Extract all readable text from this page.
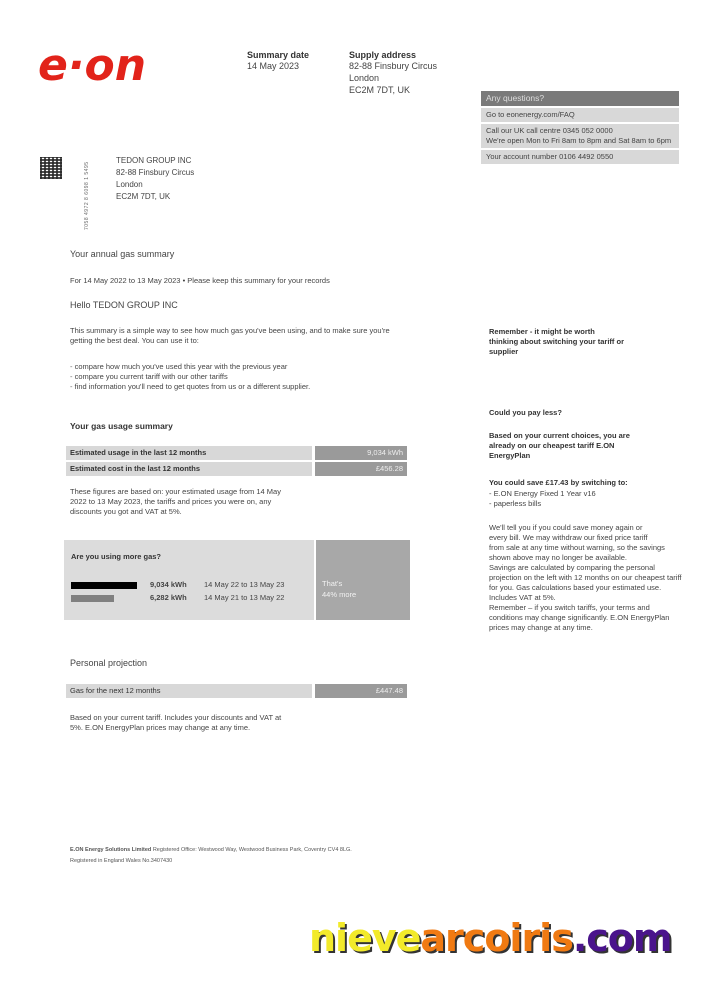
e·on	Summary date
14 May 2023
Supply address
82-88 Finsbury Circus
London
EC2M 7DT, UK
Any questions?
Go to eonenergy.com/FAQ
Call our UK call centre 0345 052 0000
We're open Mon to Fri 8am to 8pm and Sat 8am to 6pm
Your account number 0106 4492 0550
7058 4972 8 6098 1 5495
TEDON GROUP INC
82-88 Finsbury Circus
London
EC2M 7DT, UK
Your annual gas summary
For 14 May 2022 to 13 May 2023 • Please keep this summary for your records
Hello TEDON GROUP INC
This summary is a simple way to see how much gas you've been using, and to make sure you're getting the best deal. You can use it to:
- compare how much you've used this year with the previous year
- compare you current tariff with our other tariffs
- find information you'll need to get quotes from us or a different supplier.
Your gas usage summary
Estimated usage in the last 12 months	9,034 kWh
Estimated cost in the last 12 months	£456.28
These figures are based on: your estimated usage from 14 May 2022 to 13 May 2023, the tariffs and prices you were on, any discounts you got and VAT at 5%.
Are you using more gas?
9,034 kWh 14 May 22 to 13 May 23
6,282 kWh 14 May 21 to 13 May 22
That's
44% more
Personal projection
Gas for the next 12 months	£447.48
Based on your current tariff. Includes your discounts and VAT at 5%. E.ON EnergyPlan prices may change at any time.
Remember - it might be worth thinking about switching your tariff or supplier
Could you pay less?
Based on your current choices, you are already on our cheapest tariff E.ON EnergyPlan
You could save £17.43 by switching to:

- E.ON Energy Fixed 1 Year v16

- paperless bills

We'll tell you if you could save money again or

every bill. We may withdraw our fixed price tariff

from sale at any time without warning, so the savings shown above may no longer be available.

Savings are calculated by comparing the personal

projection on the left with 12 months on our cheapest tariff for you. Gas calculations based your estimated use. Includes VAT at 5%.

Remember – if you switch tariffs, your terms and

conditions may change significantly. E.ON EnergyPlan prices may change at any time.

E.ON Energy Solutions Limited Registered Office: Westwood Way, Westwood Business Park, Coventry CV4 8LG.
Registered in England Wales No.3407430
nievearcoiris.com
